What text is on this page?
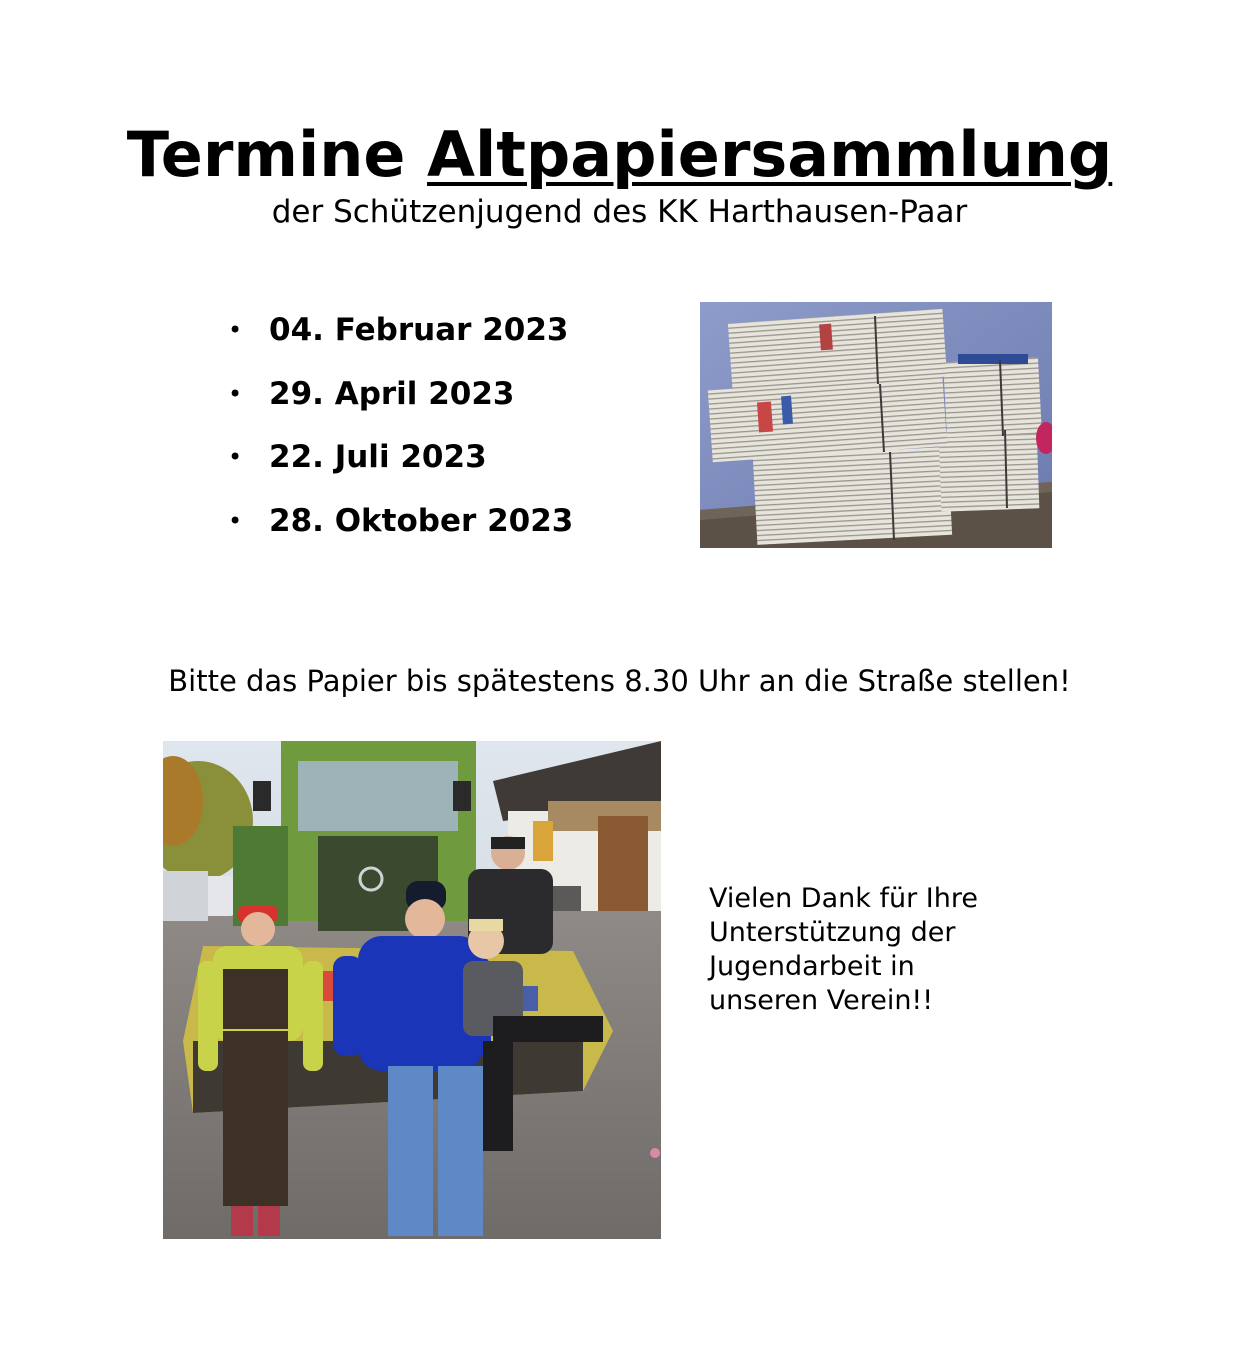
Termine Altpapiersammlung
der Schützenjugend des KK Harthausen-Paar
• 04. Februar 2023
• 29. April 2023
• 22. Juli 2023
• 28. Oktober 2023
Bitte das Papier bis spätestens 8.30 Uhr an die Straße stellen!
Vielen Dank für Ihre
Unterstützung der
Jugendarbeit in
unseren Verein!!
